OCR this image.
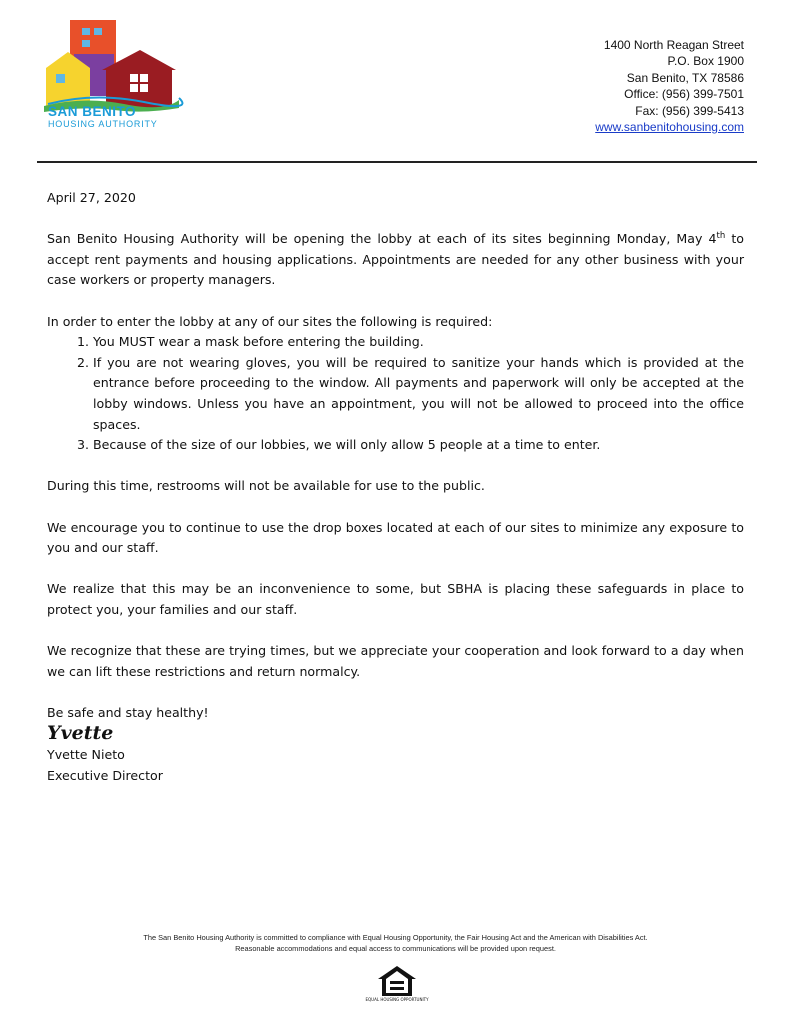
SAN BENITO
HOUSING AUTHORITY
1400 North Reagan Street
P.O. Box 1900
San Benito, TX 78586
Office: (956) 399-7501
Fax: (956) 399-5413
www.sanbenitohousing.com

April 27, 2020

San Benito Housing Authority will be opening the lobby at each of its sites beginning Monday, May 4th to accept rent payments and housing applications. Appointments are needed for any other business with your case workers or property managers.

In order to enter the lobby at any of our sites the following is required:
1. You MUST wear a mask before entering the building.
2. If you are not wearing gloves, you will be required to sanitize your hands which is provided at the entrance before proceeding to the window. All payments and paperwork will only be accepted at the lobby windows. Unless you have an appointment, you will not be allowed to proceed into the office spaces.
3. Because of the size of our lobbies, we will only allow 5 people at a time to enter.

During this time, restrooms will not be available for use to the public.

We encourage you to continue to use the drop boxes located at each of our sites to minimize any exposure to you and our staff.

We realize that this may be an inconvenience to some, but SBHA is placing these safeguards in place to protect you, your families and our staff.

We recognize that these are trying times, but we appreciate your cooperation and look forward to a day when we can lift these restrictions and return normalcy.

Be safe and stay healthy!

Yvette
Yvette Nieto
Executive Director
The San Benito Housing Authority is committed to compliance with Equal Housing Opportunity, the Fair Housing Act and the American with Disabilities Act.
Reasonable accommodations and equal access to communications will be provided upon request.
EQUAL HOUSING OPPORTUNITY
